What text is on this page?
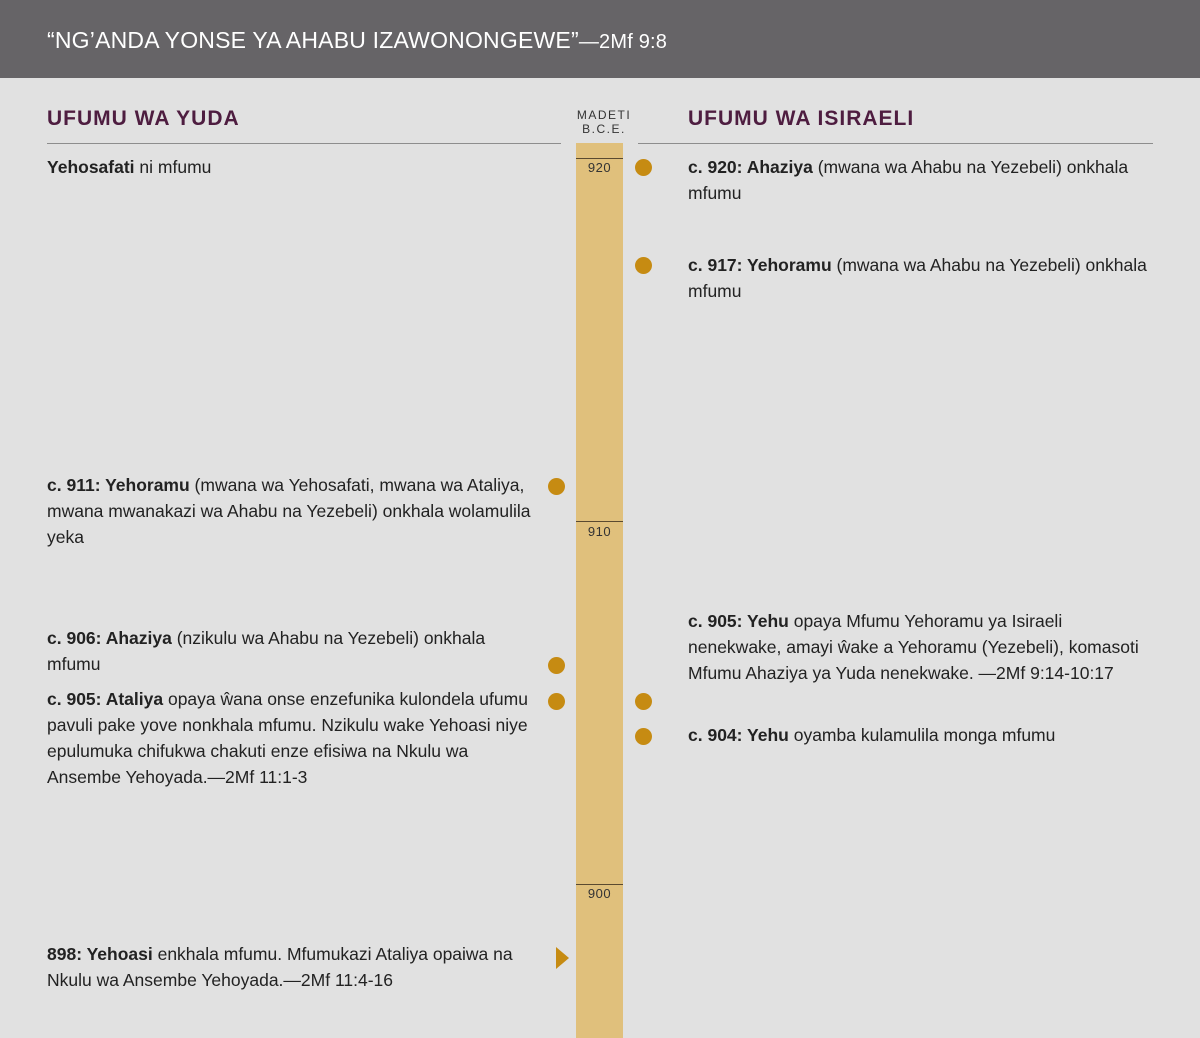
“NG’ANDA YONSE YA AHABU IZAWONONGEWE”—2Mf 9:8
UFUMU WA YUDA	UFUMU WA ISIRAELI
MADETI
B.C.E.
920
910
900
Yehosafati ni mfumu
c. 911: Yehoramu (mwana wa Yehosafati, mwana wa Ataliya, mwana mwanakazi wa Ahabu na Yezebeli) onkhala wolamulila yeka
c. 906: Ahaziya (nzikulu wa Ahabu na Yezebeli) onkhala mfumu
c. 905: Ataliya opaya ŵana onse enzefunika kulondela ufumu pavuli pake yove nonkhala mfumu. Nzikulu wake Yehoasi niye epulumuka chifukwa chakuti enze efisiwa na Nkulu wa Ansembe Yehoyada.—2Mf 11:1-3
898: Yehoasi enkhala mfumu. Mfumukazi Ataliya opaiwa na Nkulu wa Ansembe Yehoyada.—2Mf 11:4-16
c. 920: Ahaziya (mwana wa Ahabu na Yezebeli) onkhala mfumu
c. 917: Yehoramu (mwana wa Ahabu na Yezebeli) onkhala mfumu
c. 905: Yehu opaya Mfumu Yehoramu ya Isiraeli nenekwake, amayi ŵake a Yehoramu (Yezebeli), komasoti Mfumu Ahaziya ya Yuda nenekwake. —2Mf 9:14-10:17
c. 904: Yehu oyamba kulamulila monga mfumu
